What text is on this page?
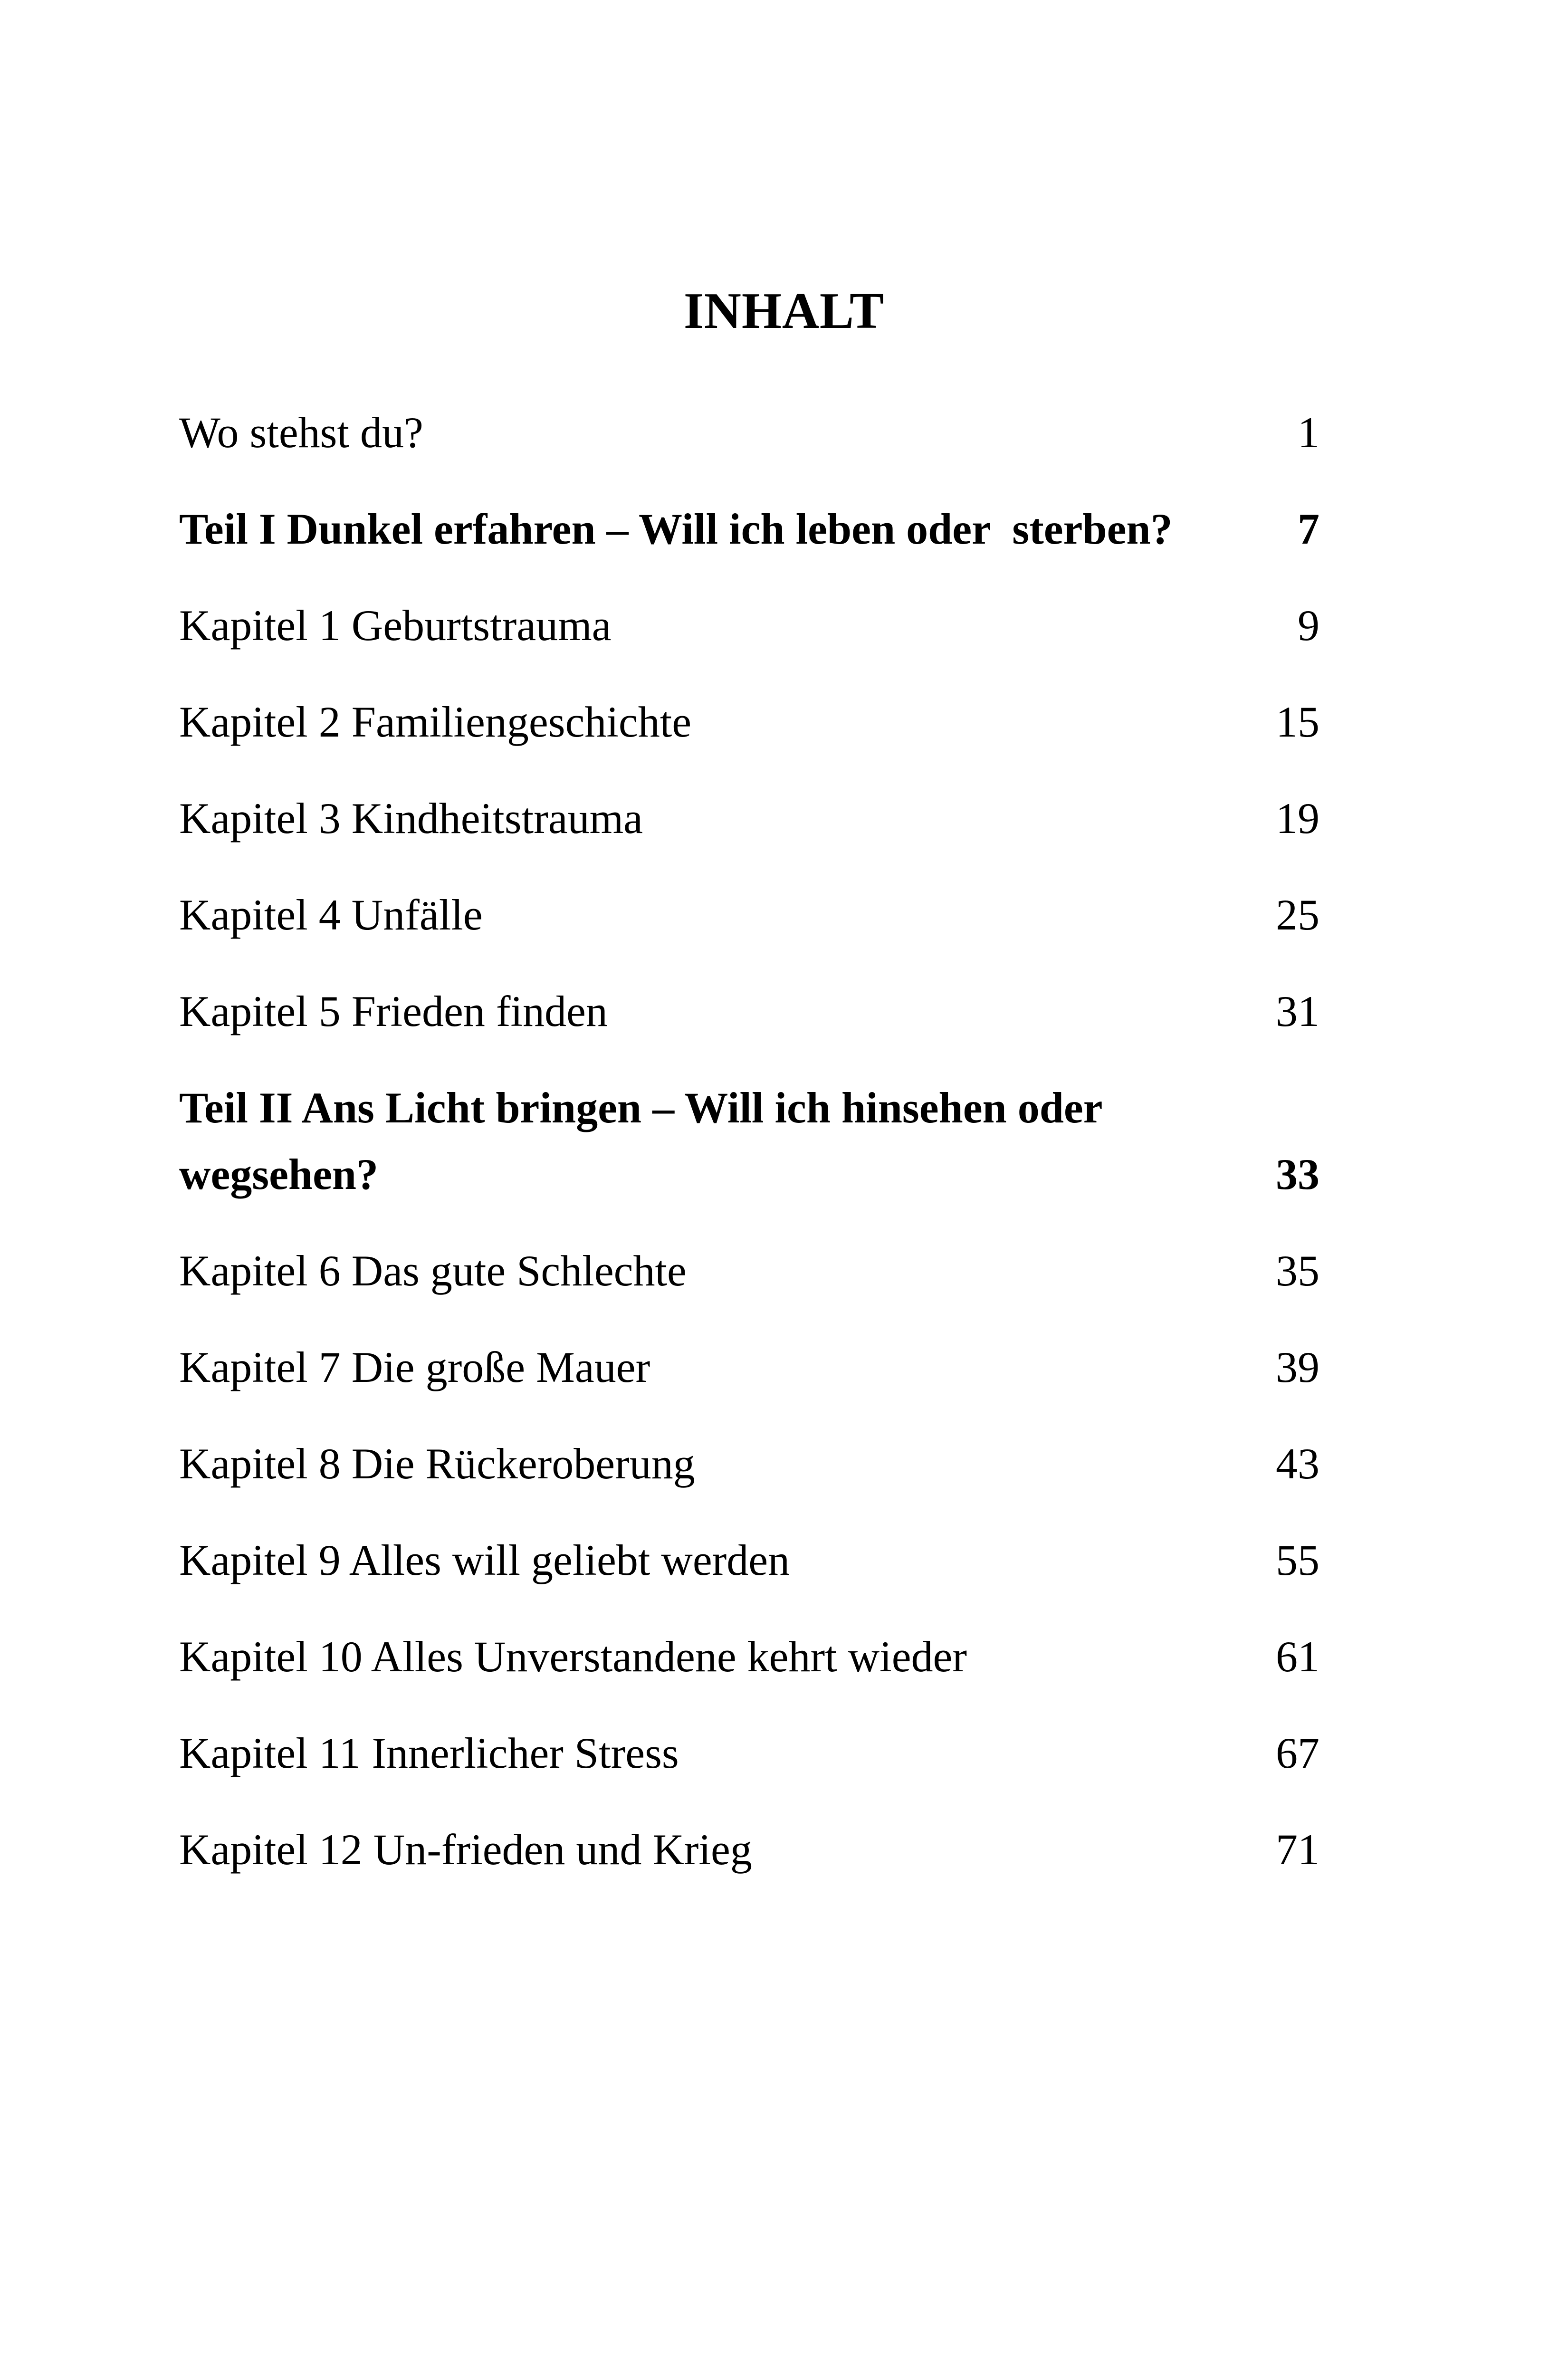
INHALT
Wo stehst du?	1
Teil I Dunkel erfahren – Will ich leben oder  sterben?	7
Kapitel 1 Geburtstrauma	9
Kapitel 2 Familiengeschichte	15
Kapitel 3 Kindheitstrauma	19
Kapitel 4 Unfälle	25
Kapitel 5 Frieden finden	31
Teil II Ans Licht bringen – Will ich hinsehen oder wegsehen?	33
Kapitel 6 Das gute Schlechte	35
Kapitel 7 Die große Mauer	39
Kapitel 8 Die Rückeroberung	43
Kapitel 9 Alles will geliebt werden	55
Kapitel 10 Alles Unverstandene kehrt wieder	61
Kapitel 11 Innerlicher Stress	67
Kapitel 12 Un-frieden und Krieg	71
